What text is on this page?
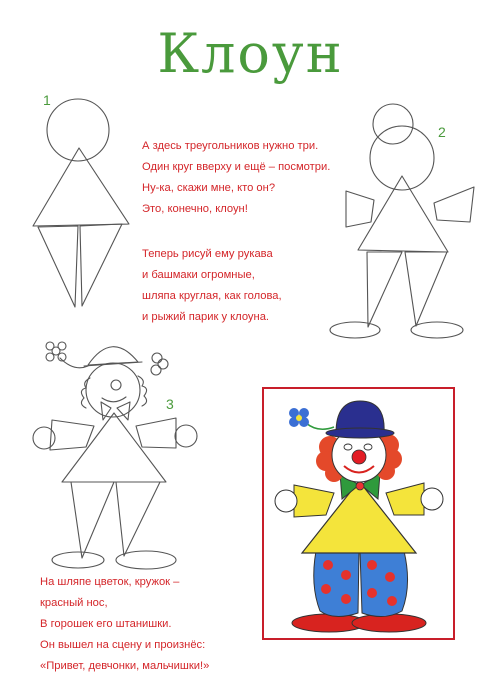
Клоун
1
2
3
А здесь треугольников нужно три.
Один круг вверху и ещё – посмотри.
Ну-ка, скажи мне, кто он?
Это, конечно, клоун!
Теперь рисуй ему рукава
и башмаки огромные,
шляпа круглая, как голова,
и рыжий парик у клоуна.
На шляпе цветок, кружок –
красный нос,
В горошек его штанишки.
Он вышел на сцену и произнёс:
«Привет, девчонки, мальчишки!»
